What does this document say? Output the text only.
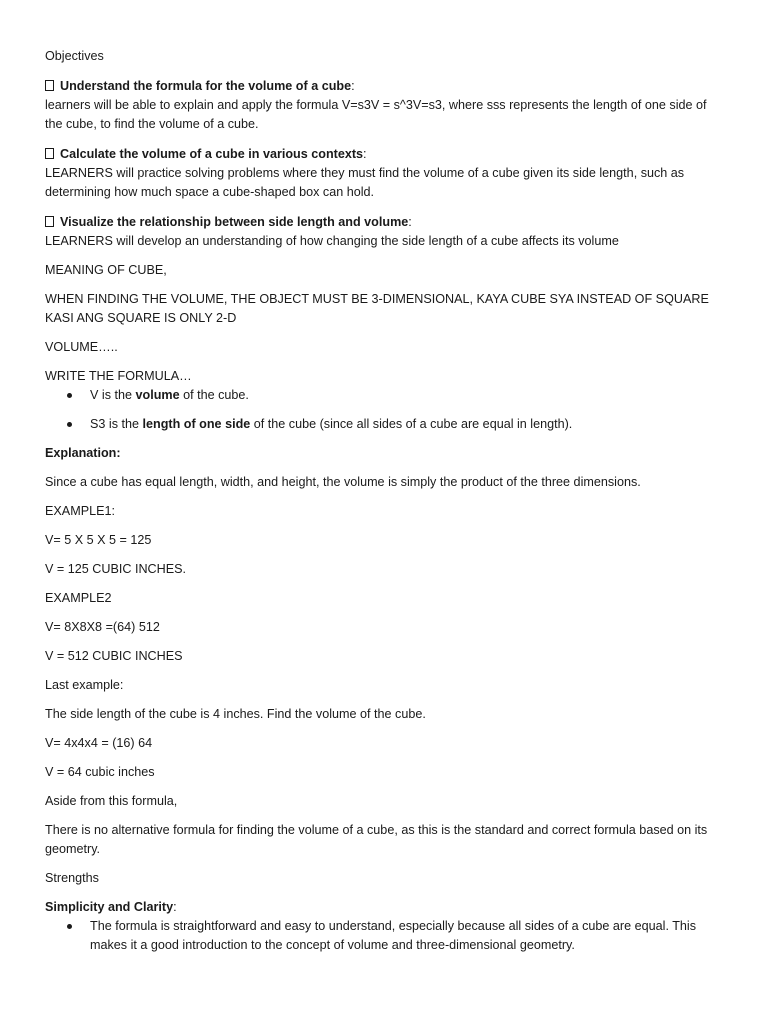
Objectives

Understand the formula for the volume of a cube:

learners will be able to explain and apply the formula V=s3V = s^3V=s3, where sss represents the length of one side of the cube, to find the volume of a cube.

Calculate the volume of a cube in various contexts:

LEARNERS will practice solving problems where they must find the volume of a cube given its side length, such as determining how much space a cube-shaped box can hold.

Visualize the relationship between side length and volume:

LEARNERS will develop an understanding of how changing the side length of a cube affects its volume

MEANING OF CUBE,

WHEN FINDING THE VOLUME, THE OBJECT MUST BE 3-DIMENSIONAL, KAYA CUBE SYA INSTEAD OF SQUARE KASI ANG SQUARE IS ONLY 2-D

VOLUME…..

WRITE THE FORMULA…

V is the volume of the cube.
S3 is the length of one side of the cube (since all sides of a cube are equal in length).

Explanation:

Since a cube has equal length, width, and height, the volume is simply the product of the three dimensions.

EXAMPLE1:

V= 5 X 5 X 5 = 125

V = 125 CUBIC INCHES.

EXAMPLE2

V= 8X8X8 =(64) 512

V = 512 CUBIC INCHES

Last example:

The side length of the cube is 4 inches. Find the volume of the cube.

V= 4x4x4 = (16) 64

V = 64 cubic inches

Aside from this formula,

There is no alternative formula for finding the volume of a cube, as this is the standard and correct formula based on its geometry.

Strengths

Simplicity and Clarity:

The formula is straightforward and easy to understand, especially because all sides of a cube are equal. This makes it a good introduction to the concept of volume and three-dimensional geometry.
